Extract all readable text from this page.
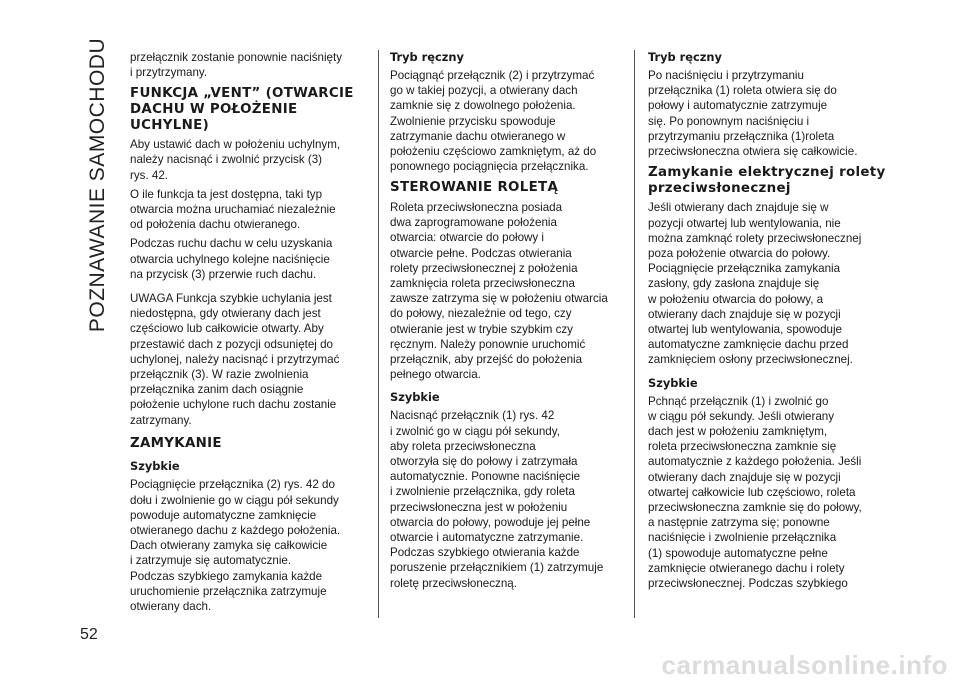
POZNAWANIE SAMOCHODU
52

przełącznik zostanie ponownie naciśnięty
i przytrzymany.

FUNKCJA „VENT” (OTWARCIE
DACHU W POŁOŻENIE
UCHYLNE)

Aby ustawić dach w położeniu uchylnym,
należy nacisnąć i zwolnić przycisk (3)
rys. 42.

O ile funkcja ta jest dostępna, taki typ
otwarcia można uruchamiać niezależnie
od położenia dachu otwieranego.

Podczas ruchu dachu w celu uzyskania
otwarcia uchylnego kolejne naciśnięcie
na przycisk (3) przerwie ruch dachu.

UWAGA Funkcja szybkie uchylania jest
niedostępna, gdy otwierany dach jest
częściowo lub całkowicie otwarty. Aby
przestawić dach z pozycji odsuniętej do
uchylonej, należy nacisnąć i przytrzymać
przełącznik (3). W razie zwolnienia
przełącznika zanim dach osiągnie
położenie uchylone ruch dachu zostanie
zatrzymany.

ZAMYKANIE
Szybkie

Pociągnięcie przełącznika (2) rys. 42 do
dołu i zwolnienie go w ciągu pół sekundy
powoduje automatyczne zamknięcie
otwieranego dachu z każdego położenia.
Dach otwierany zamyka się całkowicie
i zatrzymuje się automatycznie.
Podczas szybkiego zamykania każde
uruchomienie przełącznika zatrzymuje
otwierany dach.

Tryb ręczny

Pociągnąć przełącznik (2) i przytrzymać
go w takiej pozycji, a otwierany dach
zamknie się z dowolnego położenia.
Zwolnienie przycisku spowoduje
zatrzymanie dachu otwieranego w
położeniu częściowo zamkniętym, aż do
ponownego pociągnięcia przełącznika.

STEROWANIE ROLETĄ

Roleta przeciwsłoneczna posiada
dwa zaprogramowane położenia
otwarcia: otwarcie do połowy i
otwarcie pełne. Podczas otwierania
rolety przeciwsłonecznej z położenia
zamknięcia roleta przeciwsłoneczna
zawsze zatrzyma się w położeniu otwarcia
do połowy, niezależnie od tego, czy
otwieranie jest w trybie szybkim czy
ręcznym. Należy ponownie uruchomić
przełącznik, aby przejść do położenia
pełnego otwarcia.

Szybkie

Nacisnąć przełącznik (1) rys. 42
i zwolnić go w ciągu pół sekundy,
aby roleta przeciwsłoneczna
otworzyła się do połowy i zatrzymała
automatycznie. Ponowne naciśnięcie
i zwolnienie przełącznika, gdy roleta
przeciwsłoneczna jest w położeniu
otwarcia do połowy, powoduje jej pełne
otwarcie i automatyczne zatrzymanie.
Podczas szybkiego otwierania każde
poruszenie przełącznikiem (1) zatrzymuje
roletę przeciwsłoneczną.

Tryb ręczny

Po naciśnięciu i przytrzymaniu
przełącznika (1) roleta otwiera się do
połowy i automatycznie zatrzymuje
się. Po ponownym naciśnięciu i
przytrzymaniu przełącznika (1)roleta
przeciwsłoneczna otwiera się całkowicie.

Zamykanie elektrycznej rolety
przeciwsłonecznej

Jeśli otwierany dach znajduje się w
pozycji otwartej lub wentylowania, nie
można zamknąć rolety przeciwsłonecznej
poza położenie otwarcia do połowy.
Pociągnięcie przełącznika zamykania
zasłony, gdy zasłona znajduje się
w położeniu otwarcia do połowy, a
otwierany dach znajduje się w pozycji
otwartej lub wentylowania, spowoduje
automatyczne zamknięcie dachu przed
zamknięciem osłony przeciwsłonecznej.

Szybkie

Pchnąć przełącznik (1) i zwolnić go
w ciągu pół sekundy. Jeśli otwierany
dach jest w położeniu zamkniętym,
roleta przeciwsłoneczna zamknie się
automatycznie z każdego położenia. Jeśli
otwierany dach znajduje się w pozycji
otwartej całkowicie lub częściowo, roleta
przeciwsłoneczna zamknie się do połowy,
a następnie zatrzyma się; ponowne
naciśnięcie i zwolnienie przełącznika
(1) spowoduje automatyczne pełne
zamknięcie otwieranego dachu i rolety
przeciwsłonecznej. Podczas szybkiego

carmanualsonline.info
